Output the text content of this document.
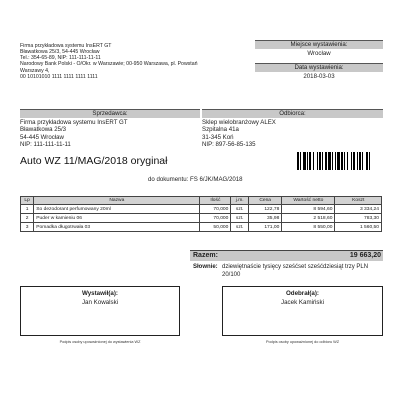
Firma przykładowa systemu InsERT GT
Bławatkowa 25/3, 54-445 Wrocław
Tel.: 354-65-89, NIP: 111-111-11-11
Narodowy Bank Polski - O/Okr. w Warszawie; 00-950 Warszawa, pl. Powstań
Warszawy 4,
00 10101010 1111 1111 1111 1111
Miejsce wystawienia:
Wrocław
Data wystawienia:
2018-03-03
Sprzedawca:
Firma przykładowa systemu InsERT GT
Bławatkowa 25/3
54-445 Wrocław
NIP: 111-111-11-11
Odbiorca:
Sklep wielobranżowy ALEX
Szpitalna 41a
31-345 Koń
NIP: 897-56-85-135
Auto WZ 11/MAG/2018 oryginał
do dokumentu: FS 6/JK/MAG/2018
Lp	Nazwa	Ilość	j.m.	Cena	Wartość netto	Koszt
1	So dezodorant perfumowany 20ml	70,000	szt.	122,78	8 594,60	3 334,24
2	Puder w kamieniu 06	70,000	szt.	35,98	2 518,60	783,30
3	Pomadka długotrwała 03	50,000	szt.	171,00	8 550,00	1 560,50
Razem:	19 663,20
Słownie: dziewiętnaście tysięcy sześćset sześćdziesiąt trzy PLN 20/100
Wystawił(a):
Jan Kowalski
Podpis osoby upoważnionej do wystawienia WZ
Odebrał(a):
Jacek Kamiński
Podpis osoby upoważnionej do odbioru WZ
